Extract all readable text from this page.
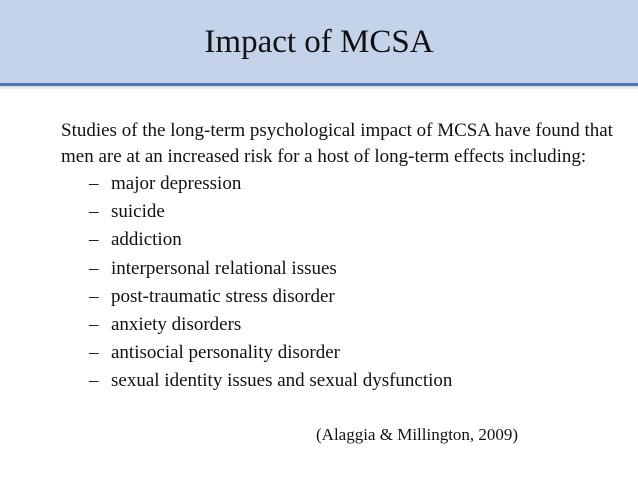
Impact of MCSA

Studies of the long-term psychological impact of MCSA have found that men are at an increased risk for a host of long-term effects including:

– major depression
– suicide
– addiction
– interpersonal relational issues
– post-traumatic stress disorder
– anxiety disorders
– antisocial personality disorder
– sexual identity issues and sexual dysfunction
(Alaggia & Millington, 2009)
